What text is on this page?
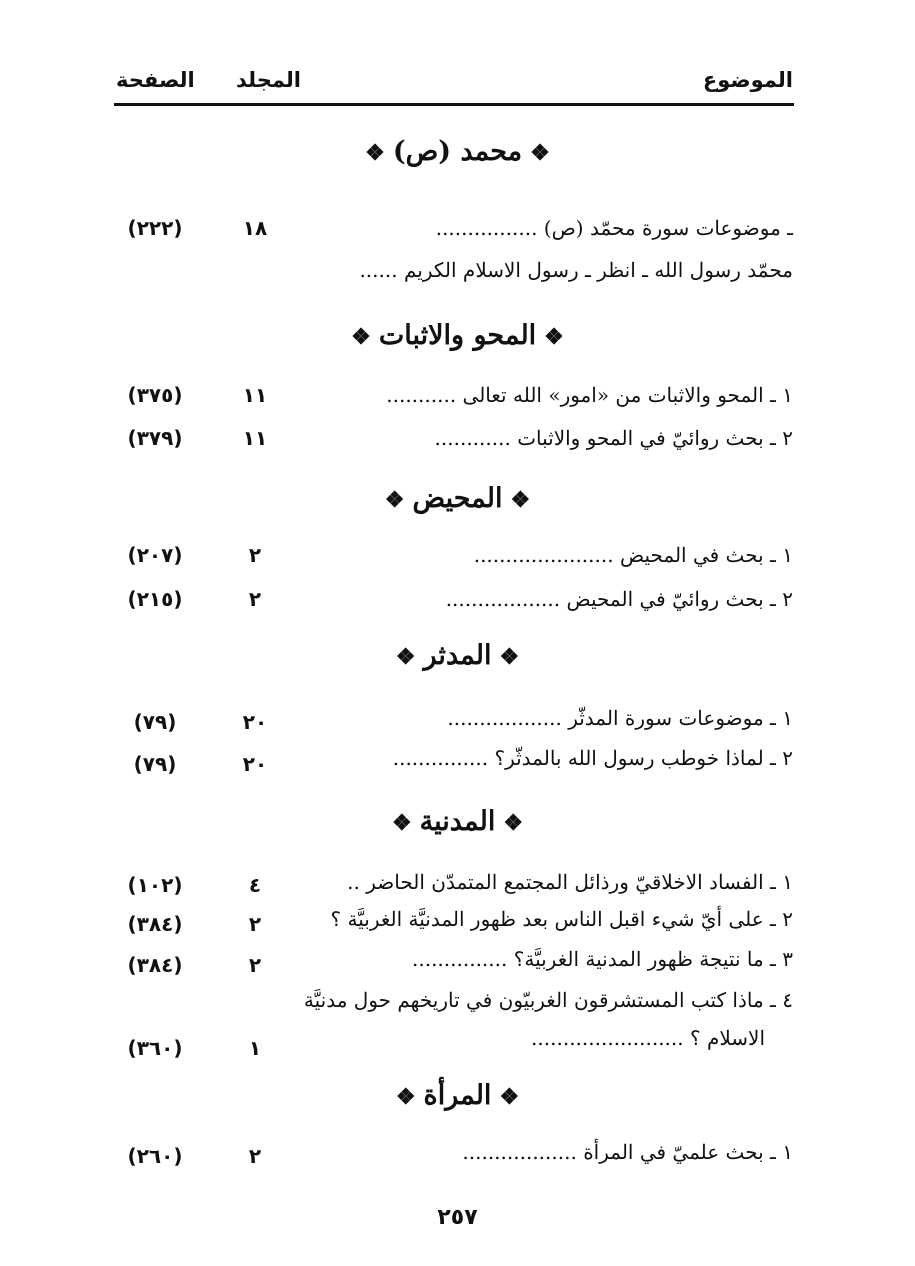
الموضوع
المجلد
الصفحة
❖ محمد (ص) ❖
ـ موضوعات سورة محمّد (ص) ................
١٨
(٢٢٢)
محمّد رسول الله ـ انظر ـ رسول الاسلام الكريم ......
❖ المحو والاثبات ❖
١ ـ المحو والاثبات من «امور» الله تعالى ...........
١١
(٣٧٥)
٢ ـ بحث روائيّ في المحو والاثبات ............
١١
(٣٧٩)
❖ المحيض ❖
١ ـ بحث في المحيض ......................
٢
(٢٠٧)
٢ ـ بحث روائيّ في المحيض ..................
٢
(٢١٥)
❖ المدثر ❖
١ ـ موضوعات سورة المدثّر ..................
٢٠
(٧٩)
٢ ـ لماذا خوطب رسول الله بالمدثّر؟ ...............
٢٠
(٧٩)
❖ المدنية ❖
١ ـ الفساد الاخلاقيّ ورذائل المجتمع المتمدّن الحاضر ..
٤
(١٠٢)
٢ ـ على أيّ شيء اقبل الناس بعد ظهور المدنيَّة الغربيَّة ؟
٢
(٣٨٤)
٣ ـ ما نتيجة ظهور المدنية الغربيَّة؟ ...............
٢
(٣٨٤)
٤ ـ ماذا كتب المستشرقون الغربيّون في تاريخهم حول مدنيَّة
الاسلام ؟ ........................
١
(٣٦٠)
❖ المرأة ❖
١ ـ بحث علميّ في المرأة ..................
٢
(٢٦٠)
٢٥٧
